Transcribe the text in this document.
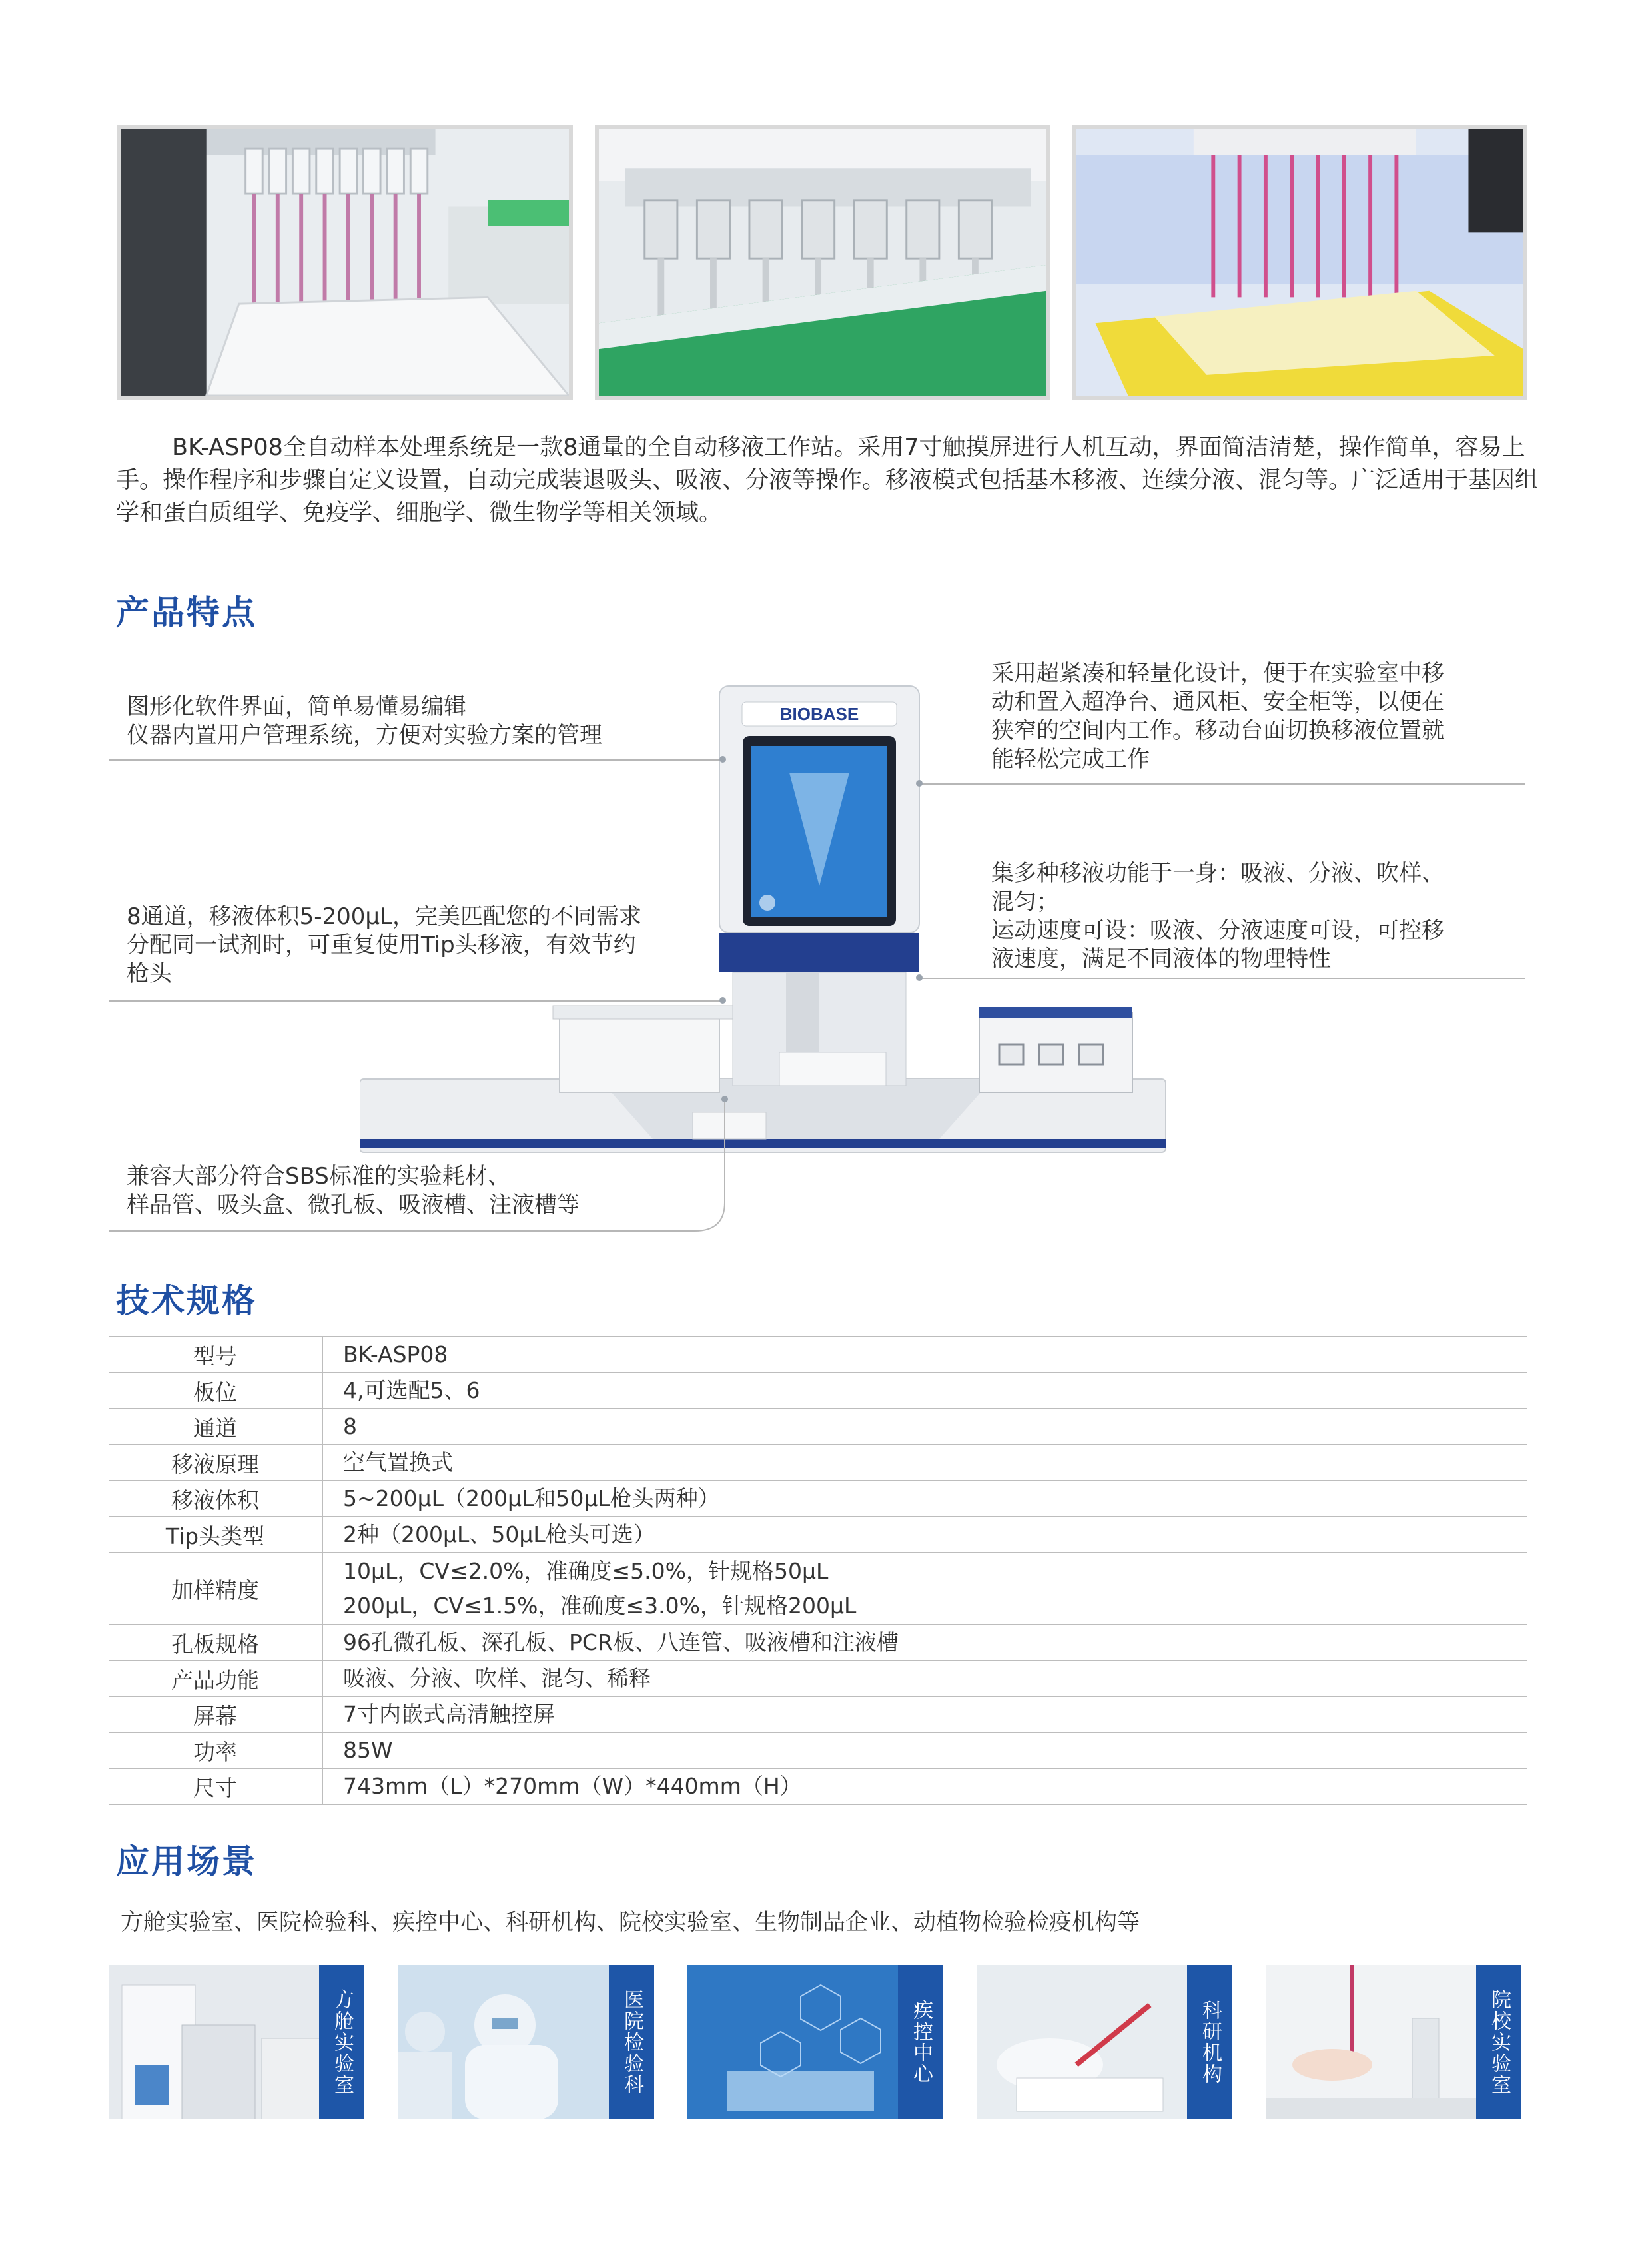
BK-ASP08全自动样本处理系统是一款8通量的全自动移液工作站。采用7寸触摸屏进行人机互动，界面简洁清楚，操作简单，容易上手。操作程序和步骤自定义设置，自动完成装退吸头、吸液、分液等操作。移液模式包括基本移液、连续分液、混匀等。广泛适用于基因组学和蛋白质组学、免疫学、细胞学、微生物学等相关领域。
产品特点
BIOBASE
图形化软件界面，简单易懂易编辑
仪器内置用户管理系统，方便对实验方案的管理
8通道，移液体积5-200μL，完美匹配您的不同需求
分配同一试剂时，可重复使用Tip头移液，有效节约
枪头
兼容大部分符合SBS标准的实验耗材、
样品管、吸头盒、微孔板、吸液槽、注液槽等
采用超紧凑和轻量化设计，便于在实验室中移
动和置入超净台、通风柜、安全柜等，以便在
狭窄的空间内工作。移动台面切换移液位置就
能轻松完成工作
集多种移液功能于一身：吸液、分液、吹样、
混匀；
运动速度可设：吸液、分液速度可设，可控移
液速度，满足不同液体的物理特性
技术规格
型号	BK-ASP08

板位	4,可选配5、6

通道	8

移液原理	空气置换式

移液体积	5~200μL（200μL和50μL枪头两种）

Tip头类型	2种（200μL、50μL枪头可选）

加样精度	10μL，CV≤2.0%，准确度≤5.0%，针规格50μL
200μL，CV≤1.5%，准确度≤3.0%，针规格200μL

孔板规格	96孔微孔板、深孔板、PCR板、八连管、吸液槽和注液槽

产品功能	吸液、分液、吹样、混匀、稀释

屏幕	7寸内嵌式高清触控屏

功率	85W

尺寸	743mm（L）*270mm（W）*440mm（H）
应用场景
方舱实验室、医院检验科、疾控中心、科研机构、院校实验室、生物制品企业、动植物检验检疫机构等
方舱实验室	医院检验科	疾控中心	科研机构	院校实验室
